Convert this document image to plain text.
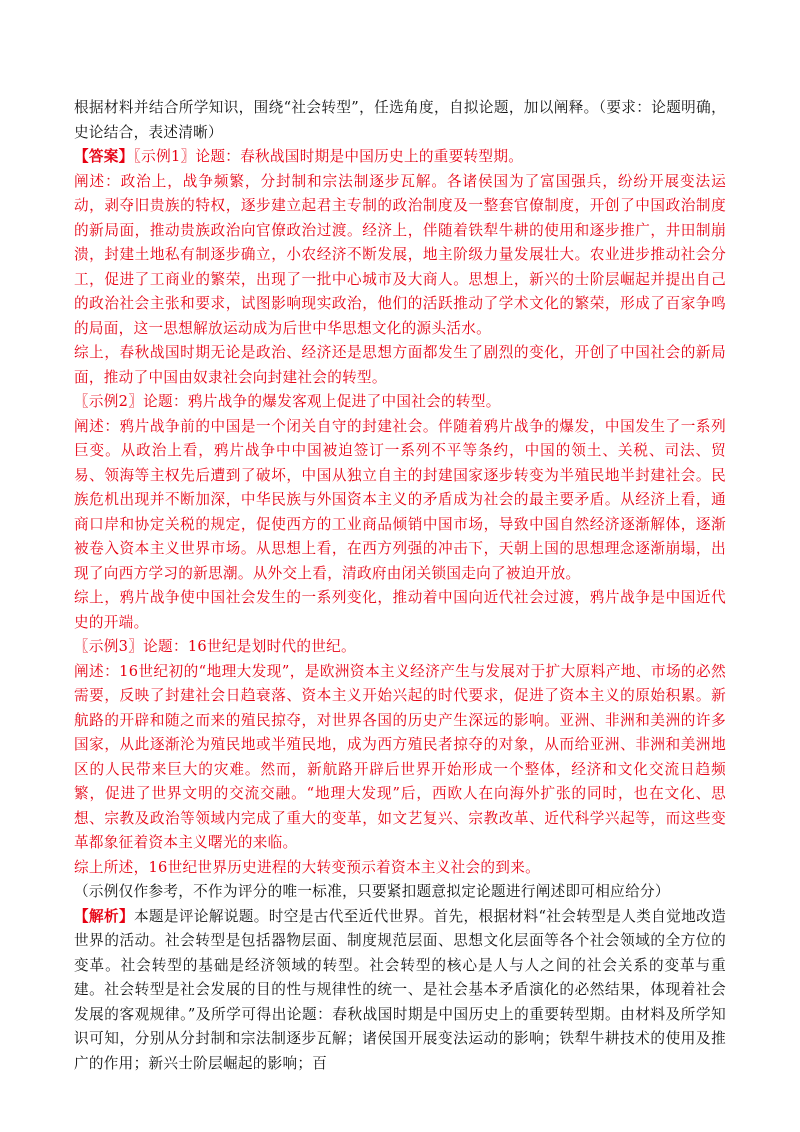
根据材料并结合所学知识，围绕“社会转型”，任选角度，自拟论题，加以阐释。（要求：论题明确，史论结合，表述清晰）

【答案】〖示例1〗论题：春秋战国时期是中国历史上的重要转型期。

阐述：政治上，战争频繁，分封制和宗法制逐步瓦解。各诸侯国为了富国强兵，纷纷开展变法运动，剥夺旧贵族的特权，逐步建立起君主专制的政治制度及一整套官僚制度，开创了中国政治制度的新局面，推动贵族政治向官僚政治过渡。经济上，伴随着铁犁牛耕的使用和逐步推广，井田制崩溃，封建土地私有制逐步确立，小农经济不断发展，地主阶级力量发展壮大。农业进步推动社会分工，促进了工商业的繁荣，出现了一批中心城市及大商人。思想上，新兴的士阶层崛起并提出自己的政治社会主张和要求，试图影响现实政治，他们的活跃推动了学术文化的繁荣，形成了百家争鸣的局面，这一思想解放运动成为后世中华思想文化的源头活水。

综上，春秋战国时期无论是政治、经济还是思想方面都发生了剧烈的变化，开创了中国社会的新局面，推动了中国由奴隶社会向封建社会的转型。

〖示例2〗论题：鸦片战争的爆发客观上促进了中国社会的转型。

阐述：鸦片战争前的中国是一个闭关自守的封建社会。伴随着鸦片战争的爆发，中国发生了一系列巨变。从政治上看，鸦片战争中中国被迫签订一系列不平等条约，中国的领土、关税、司法、贸易、领海等主权先后遭到了破坏，中国从独立自主的封建国家逐步转变为半殖民地半封建社会。民族危机出现并不断加深，中华民族与外国资本主义的矛盾成为社会的最主要矛盾。从经济上看，通商口岸和协定关税的规定，促使西方的工业商品倾销中国市场，导致中国自然经济逐渐解体，逐渐被卷入资本主义世界市场。从思想上看，在西方列强的冲击下，天朝上国的思想理念逐渐崩塌，出现了向西方学习的新思潮。从外交上看，清政府由闭关锁国走向了被迫开放。

综上，鸦片战争使中国社会发生的一系列变化，推动着中国向近代社会过渡，鸦片战争是中国近代史的开端。

〖示例3〗论题：16世纪是划时代的世纪。

阐述：16世纪初的“地理大发现”，是欧洲资本主义经济产生与发展对于扩大原料产地、市场的必然需要，反映了封建社会日趋衰落、资本主义开始兴起的时代要求，促进了资本主义的原始积累。新航路的开辟和随之而来的殖民掠夺，对世界各国的历史产生深远的影响。亚洲、非洲和美洲的许多国家，从此逐渐沦为殖民地或半殖民地，成为西方殖民者掠夺的对象，从而给亚洲、非洲和美洲地区的人民带来巨大的灾难。然而，新航路开辟后世界开始形成一个整体，经济和文化交流日趋频繁，促进了世界文明的交流交融。“地理大发现”后，西欧人在向海外扩张的同时，也在文化、思想、宗教及政治等领域内完成了重大的变革，如文艺复兴、宗教改革、近代科学兴起等，而这些变革都象征着资本主义曙光的来临。

综上所述，16世纪世界历史进程的大转变预示着资本主义社会的到来。

（示例仅作参考，不作为评分的唯一标准，只要紧扣题意拟定论题进行阐述即可相应给分）

【解析】本题是评论解说题。时空是古代至近代世界。首先，根据材料“社会转型是人类自觉地改造世界的活动。社会转型是包括器物层面、制度规范层面、思想文化层面等各个社会领域的全方位的变革。社会转型的基础是经济领域的转型。社会转型的核心是人与人之间的社会关系的变革与重建。社会转型是社会发展的目的性与规律性的统一、是社会基本矛盾演化的必然结果，体现着社会发展的客观规律。”及所学可得出论题：春秋战国时期是中国历史上的重要转型期。由材料及所学知识可知，分别从分封制和宗法制逐步瓦解；诸侯国开展变法运动的影响；铁犁牛耕技术的使用及推广的作用；新兴士阶层崛起的影响；百
